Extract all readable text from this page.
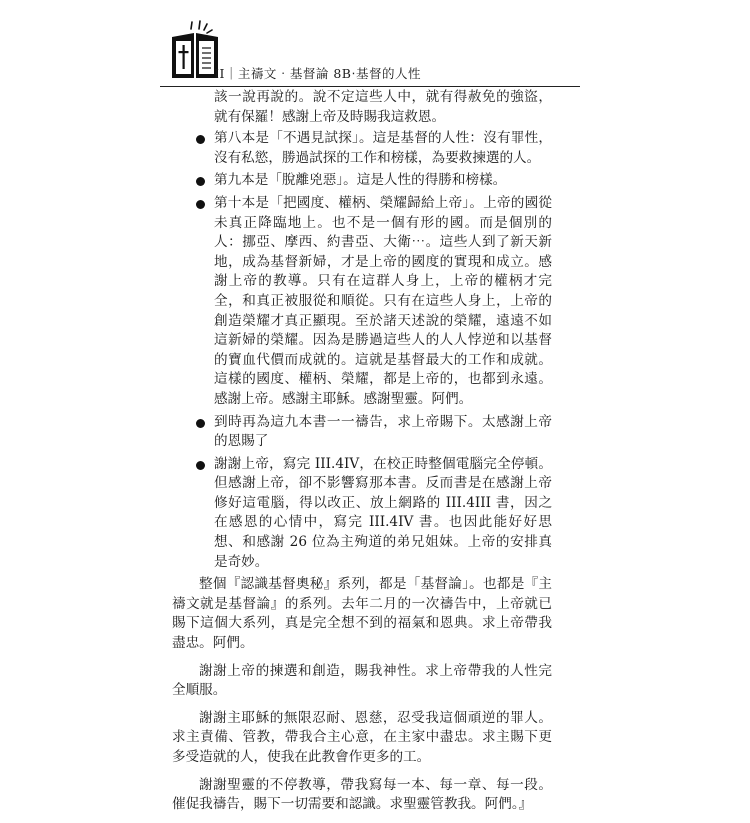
II｜主禱文‧基督論 8B‧基督的人性

該一說再說的。說不定這些人中，就有得赦免的強盜，就有保羅！感謝上帝及時賜我這救恩。

第八本是「不遇見試探」。這是基督的人性：沒有罪性，沒有私慾，勝過試探的工作和榜樣，為要救揀選的人。
第九本是「脫離兇惡」。這是人性的得勝和榜樣。
第十本是「把國度、權柄、榮耀歸給上帝」。上帝的國從未真正降臨地上。也不是一個有形的國。而是個別的人：挪亞、摩西、約書亞、大衛⋯。這些人到了新天新地，成為基督新婦，才是上帝的國度的實現和成立。感謝上帝的教導。只有在這群人身上，上帝的權柄才完全，和真正被服從和順從。只有在這些人身上，上帝的創造榮耀才真正顯現。至於諸天述說的榮耀，遠遠不如這新婦的榮耀。因為是勝過這些人的人人悖逆和以基督的寶血代價而成就的。這就是基督最大的工作和成就。這樣的國度、權柄、榮耀，都是上帝的，也都到永遠。感謝上帝。感謝主耶穌。感謝聖靈。阿們。
到時再為這九本書一一禱告，求上帝賜下。太感謝上帝的恩賜了
謝謝上帝，寫完 III.4IV，在校正時整個電腦完全停頓。但感謝上帝，卻不影響寫那本書。反而書是在感謝上帝修好這電腦，得以改正、放上網路的 III.4III 書，因之在感恩的心情中，寫完 III.4IV 書。也因此能好好思想、和感謝 26 位為主殉道的弟兄姐妹。上帝的安排真是奇妙。

整個『認識基督奧秘』系列，都是「基督論」。也都是『主禱文就是基督論』的系列。去年二月的一次禱告中，上帝就已賜下這個大系列，真是完全想不到的福氣和恩典。求上帝帶我盡忠。阿們。

謝謝上帝的揀選和創造，賜我神性。求上帝帶我的人性完全順服。

謝謝主耶穌的無限忍耐、恩慈，忍受我這個頑逆的罪人。求主責備、管教，帶我合主心意，在主家中盡忠。求主賜下更多受造就的人，使我在此教會作更多的工。

謝謝聖靈的不停教導，帶我寫每一本、每一章、每一段。催促我禱告，賜下一切需要和認識。求聖靈管教我。阿們。』
